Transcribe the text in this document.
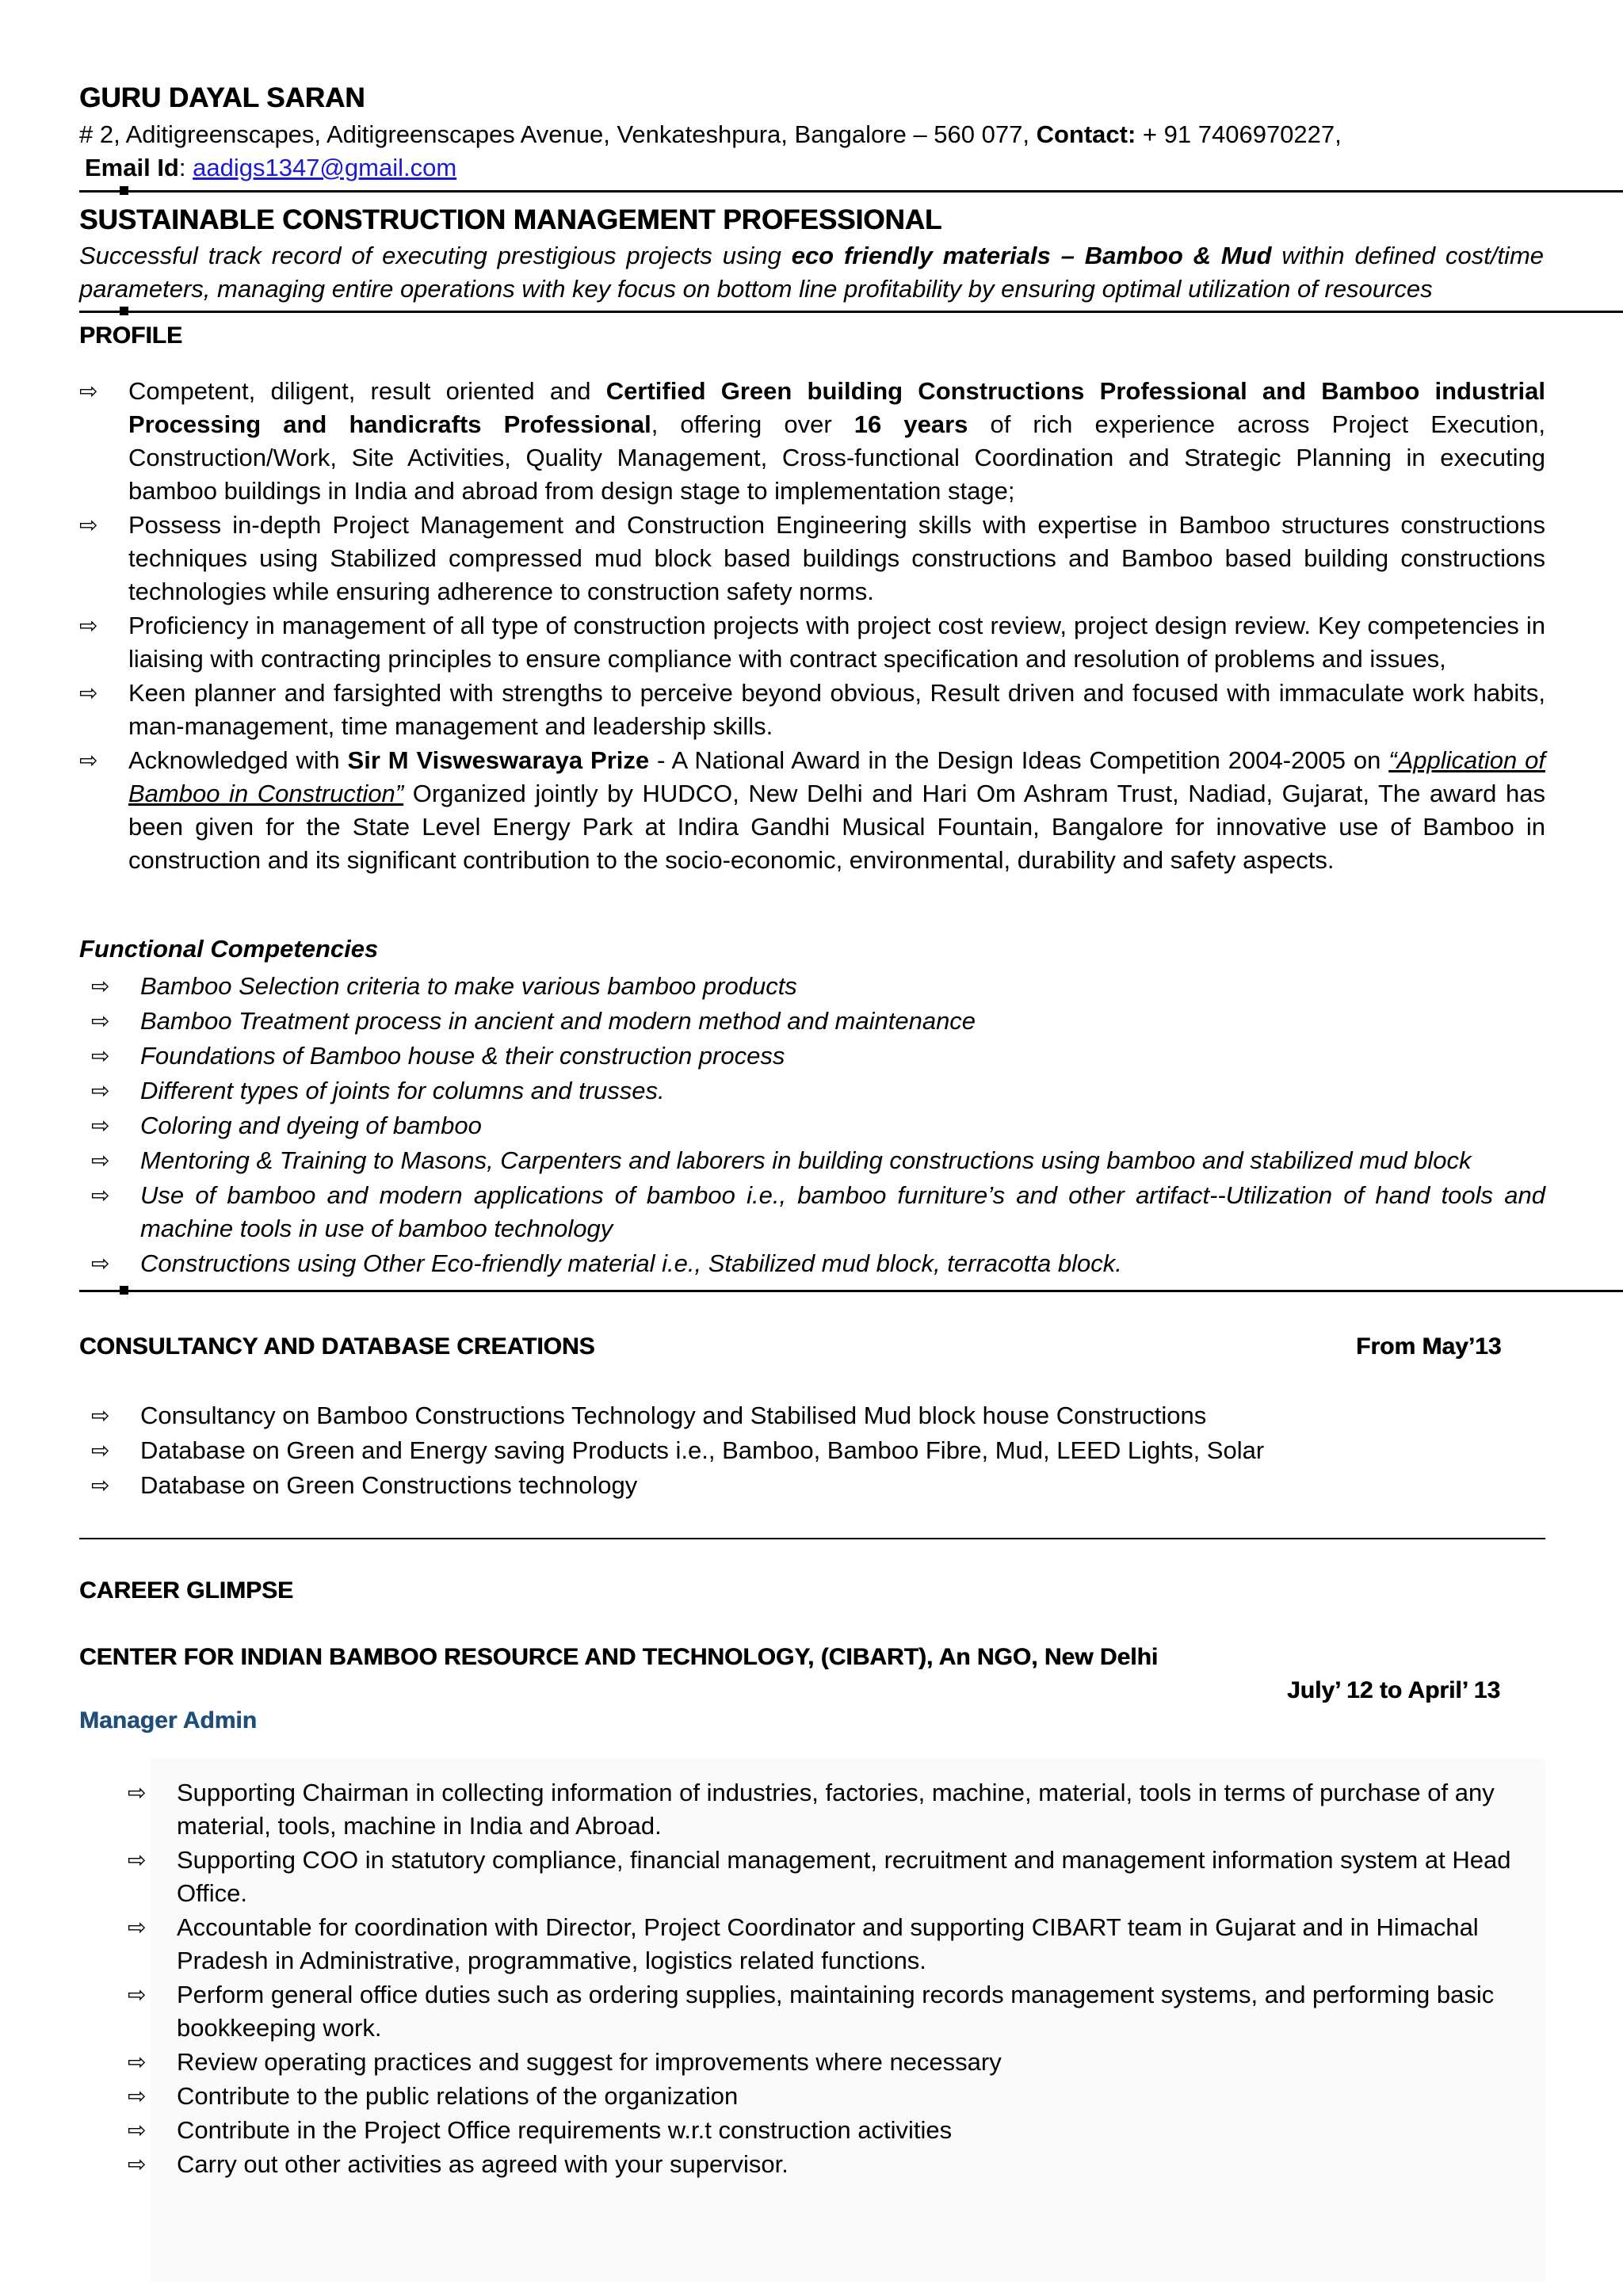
GURU DAYAL SARAN
# 2, Aditigreenscapes, Aditigreenscapes Avenue, Venkateshpura, Bangalore – 560 077, Contact: + 91 7406970227,
Email Id: aadigs1347@gmail.com
SUSTAINABLE CONSTRUCTION MANAGEMENT PROFESSIONAL
Successful track record of executing prestigious projects using eco friendly materials – Bamboo & Mud within defined cost/time parameters, managing entire operations with key focus on bottom line profitability by ensuring optimal utilization of resources
PROFILE
⇨ Competent, diligent, result oriented and Certified Green building Constructions Professional and Bamboo industrial Processing and handicrafts Professional, offering over 16 years of rich experience across Project Execution, Construction/Work, Site Activities, Quality Management, Cross-functional Coordination and Strategic Planning in executing bamboo buildings in India and abroad from design stage to implementation stage;
⇨ Possess in-depth Project Management and Construction Engineering skills with expertise in Bamboo structures constructions techniques using Stabilized compressed mud block based buildings constructions and Bamboo based building constructions technologies while ensuring adherence to construction safety norms.
⇨ Proficiency in management of all type of construction projects with project cost review, project design review. Key competencies in liaising with contracting principles to ensure compliance with contract specification and resolution of problems and issues,
⇨ Keen planner and farsighted with strengths to perceive beyond obvious, Result driven and focused with immaculate work habits, man-management, time management and leadership skills.
⇨ Acknowledged with Sir M Visweswaraya Prize - A National Award in the Design Ideas Competition 2004-2005 on “Application of Bamboo in Construction” Organized jointly by HUDCO, New Delhi and Hari Om Ashram Trust, Nadiad, Gujarat, The award has been given for the State Level Energy Park at Indira Gandhi Musical Fountain, Bangalore for innovative use of Bamboo in construction and its significant contribution to the socio-economic, environmental, durability and safety aspects.
Functional Competencies
⇨ Bamboo Selection criteria to make various bamboo products
⇨ Bamboo Treatment process in ancient and modern method and maintenance
⇨ Foundations of Bamboo house & their construction process
⇨ Different types of joints for columns and trusses.
⇨ Coloring and dyeing of bamboo
⇨ Mentoring & Training to Masons, Carpenters and laborers in building constructions using bamboo and stabilized mud block
⇨ Use of bamboo and modern applications of bamboo i.e., bamboo furniture’s and other artifact--Utilization of hand tools and machine tools in use of bamboo technology
⇨ Constructions using Other Eco-friendly material i.e., Stabilized mud block, terracotta block.
CONSULTANCY AND DATABASE CREATIONS	From May’13
⇨ Consultancy on Bamboo Constructions Technology and Stabilised Mud block house Constructions
⇨ Database on Green and Energy saving Products i.e., Bamboo, Bamboo Fibre, Mud, LEED Lights, Solar
⇨ Database on Green Constructions technology
CAREER GLIMPSE
CENTER FOR INDIAN BAMBOO RESOURCE AND TECHNOLOGY, (CIBART), An NGO, New Delhi
July’ 12 to April’ 13
Manager Admin
⇨ Supporting Chairman in collecting information of industries, factories, machine, material, tools in terms of purchase of any material, tools, machine in India and Abroad.
⇨ Supporting COO in statutory compliance, financial management, recruitment and management information system at Head Office.
⇨ Accountable for coordination with Director, Project Coordinator and supporting CIBART team in Gujarat and in Himachal Pradesh in Administrative, programmative, logistics related functions.
⇨ Perform general office duties such as ordering supplies, maintaining records management systems, and performing basic bookkeeping work.
⇨ Review operating practices and suggest for improvements where necessary
⇨ Contribute to the public relations of the organization
⇨ Contribute in the Project Office requirements w.r.t construction activities
⇨ Carry out other activities as agreed with your supervisor.
